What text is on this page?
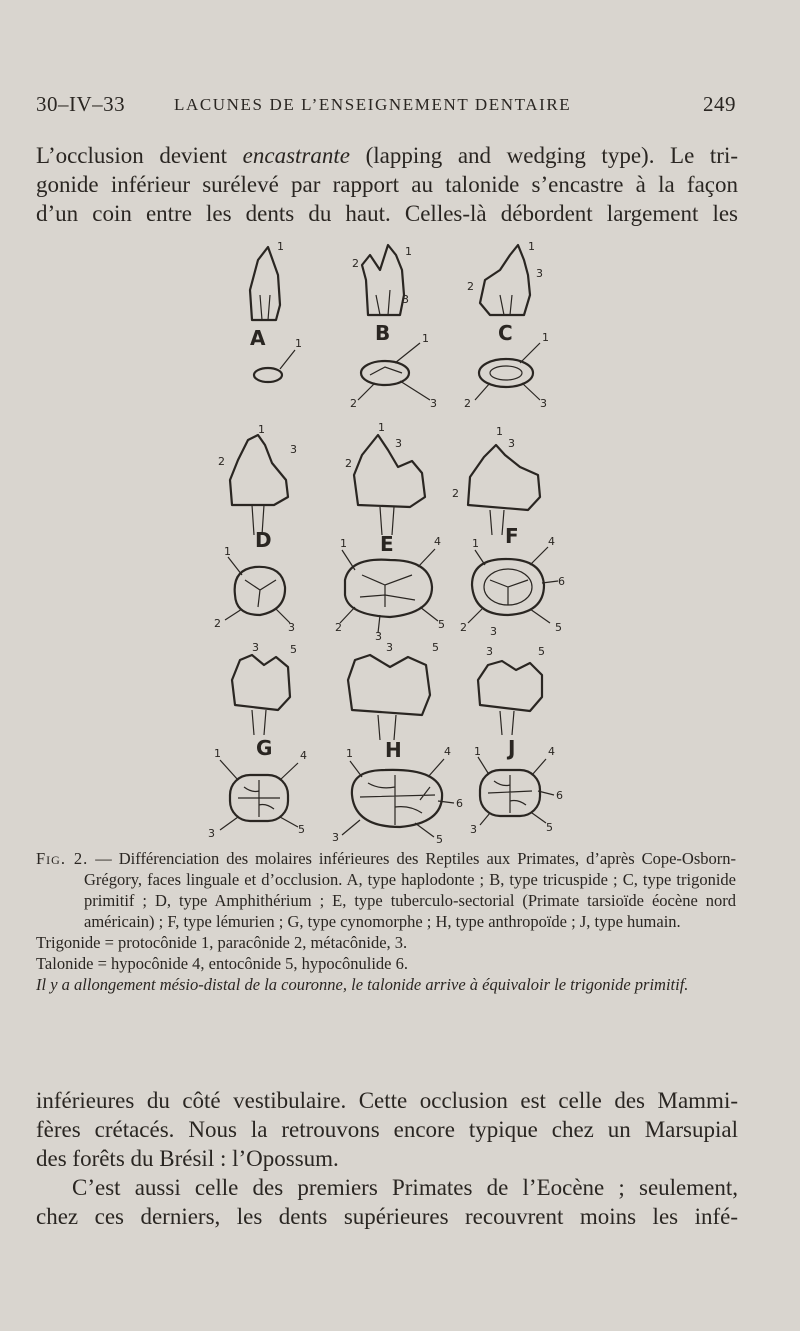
30–IV–33	LACUNES DE L’ENSEIGNEMENT DENTAIRE	249
L’occlusion devient encastrante (lapping and wedging type). Le tri-
gonide inférieur surélevé par rapport au talonide s’encastre à la façon
d’un coin entre les dents du haut. Celles-là débordent largement les
1
2
1
3
2
1
3
A	B	C
1	1
2	3
1
2	3
2
1
3
2
1
3
2
1
3
D	E	F
1
2	3
1	4
2
3
5
1	4
6
2 3	5
3	5	3	5	3	5
G	H	J
1	4
3	5
1	4
6
3	5
1	4
6
3	5

Fig. 2. — Différenciation des molaires inférieures des Reptiles aux Primates, d’après Cope-Osborn-Grégory, faces linguale et d’occlusion. A, type haplodonte ; B, type tricuspide ; C, type trigonide primitif ; D, type Amphithérium ; E, type tuberculo-sectorial (Primate tarsioïde éocène nord américain) ; F, type lémurien ; G, type cynomorphe ; H, type anthropoïde ; J, type humain.

Trigonide = protocônide 1, paracônide 2, métacônide, 3.

Talonide = hypocônide 4, entocônide 5, hypocônulide 6.

Il y a allongement mésio-distal de la couronne, le talonide arrive à équivaloir le trigonide primitif.

inférieures du côté vestibulaire. Cette occlusion est celle des Mammi-
fères crétacés. Nous la retrouvons encore typique chez un Marsupial
des forêts du Brésil : l’Opossum.
C’est aussi celle des premiers Primates de l’Eocène ; seulement,
chez ces derniers, les dents supérieures recouvrent moins les infé-
